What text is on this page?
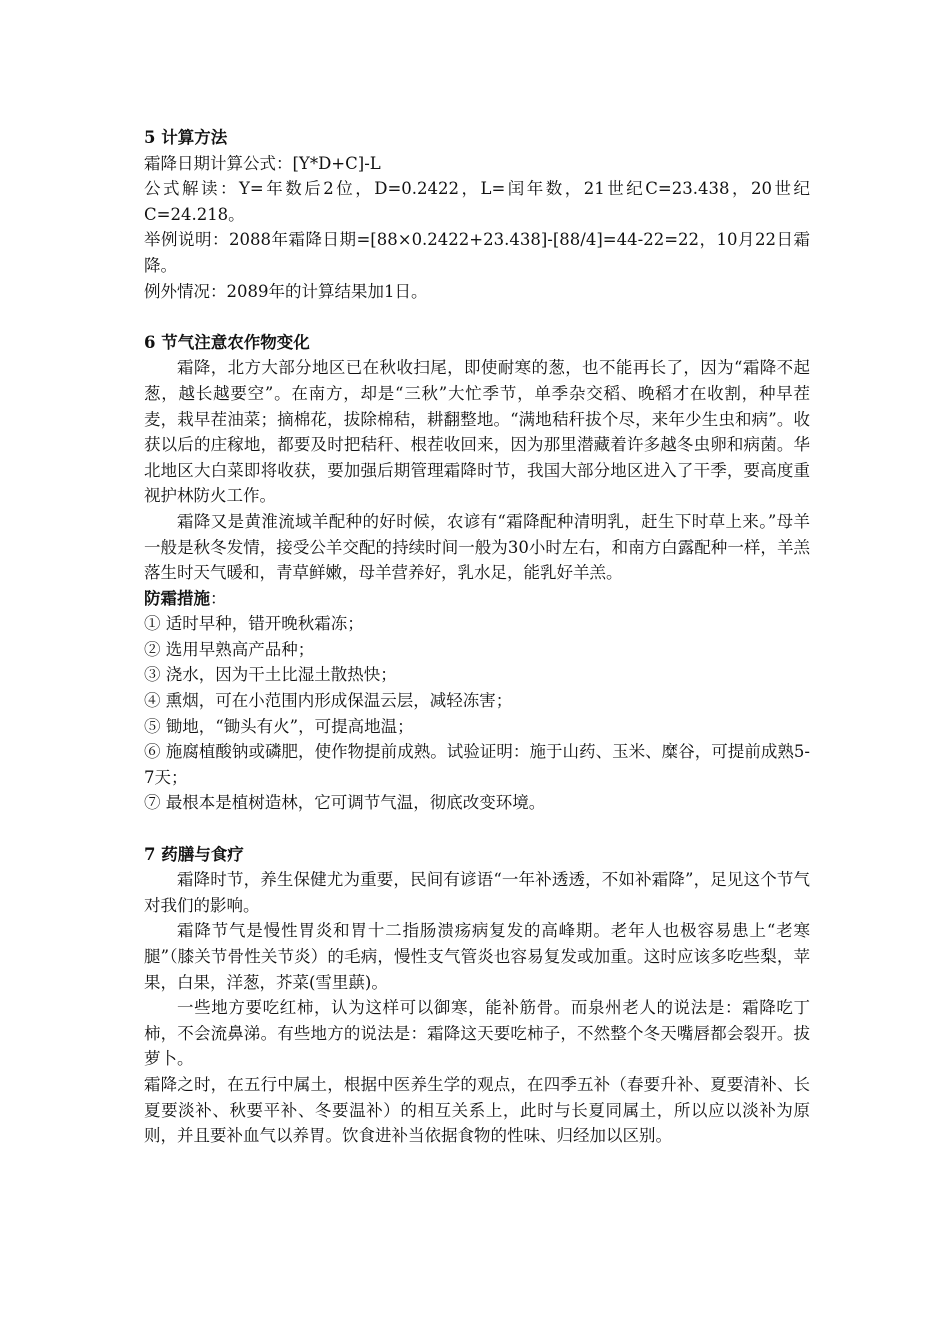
5 计算方法

霜降日期计算公式：[Y*D+C]-L

公式解读：Y=年数后2位，D=0.2422，L=闰年数，21世纪C=23.438，20世纪C=24.218。

举例说明：2088年霜降日期=[88×0.2422+23.438]-[88/4]=44-22=22，10月22日霜降。

例外情况：2089年的计算结果加1日。

6 节气注意农作物变化

霜降，北方大部分地区已在秋收扫尾，即使耐寒的葱，也不能再长了，因为“霜降不起葱，越长越要空”。在南方，却是“三秋”大忙季节，单季杂交稻、晚稻才在收割，种早茬麦，栽早茬油菜；摘棉花，拔除棉秸，耕翻整地。“满地秸秆拔个尽，来年少生虫和病”。收获以后的庄稼地，都要及时把秸秆、根茬收回来，因为那里潜藏着许多越冬虫卵和病菌。华北地区大白菜即将收获，要加强后期管理霜降时节，我国大部分地区进入了干季，要高度重视护林防火工作。

霜降又是黄淮流域羊配种的好时候，农谚有“霜降配种清明乳，赶生下时草上来。”母羊一般是秋冬发情，接受公羊交配的持续时间一般为30小时左右，和南方白露配种一样，羊羔落生时天气暖和，青草鲜嫩，母羊营养好，乳水足，能乳好羊羔。

防霜措施：

① 适时早种，错开晚秋霜冻；

② 选用早熟高产品种；

③ 浇水，因为干土比湿土散热快；

④ 熏烟，可在小范围内形成保温云层，减轻冻害；

⑤ 锄地，“锄头有火”，可提高地温；

⑥ 施腐植酸钠或磷肥，使作物提前成熟。试验证明：施于山药、玉米、糜谷，可提前成熟5-7天；

⑦ 最根本是植树造林，它可调节气温，彻底改变环境。

7 药膳与食疗

霜降时节，养生保健尤为重要，民间有谚语“一年补透透，不如补霜降”，足见这个节气对我们的影响。

霜降节气是慢性胃炎和胃十二指肠溃疡病复发的高峰期。老年人也极容易患上“老寒腿”（膝关节骨性关节炎）的毛病，慢性支气管炎也容易复发或加重。这时应该多吃些梨，苹果，白果，洋葱，芥菜(雪里蕻)。

一些地方要吃红柿，认为这样可以御寒，能补筋骨。而泉州老人的说法是：霜降吃丁柿，不会流鼻涕。有些地方的说法是：霜降这天要吃柿子，不然整个冬天嘴唇都会裂开。拔萝卜。

霜降之时，在五行中属土，根据中医养生学的观点，在四季五补（春要升补、夏要清补、长夏要淡补、秋要平补、冬要温补）的相互关系上，此时与长夏同属土，所以应以淡补为原则，并且要补血气以养胃。饮食进补当依据食物的性味、归经加以区别。
